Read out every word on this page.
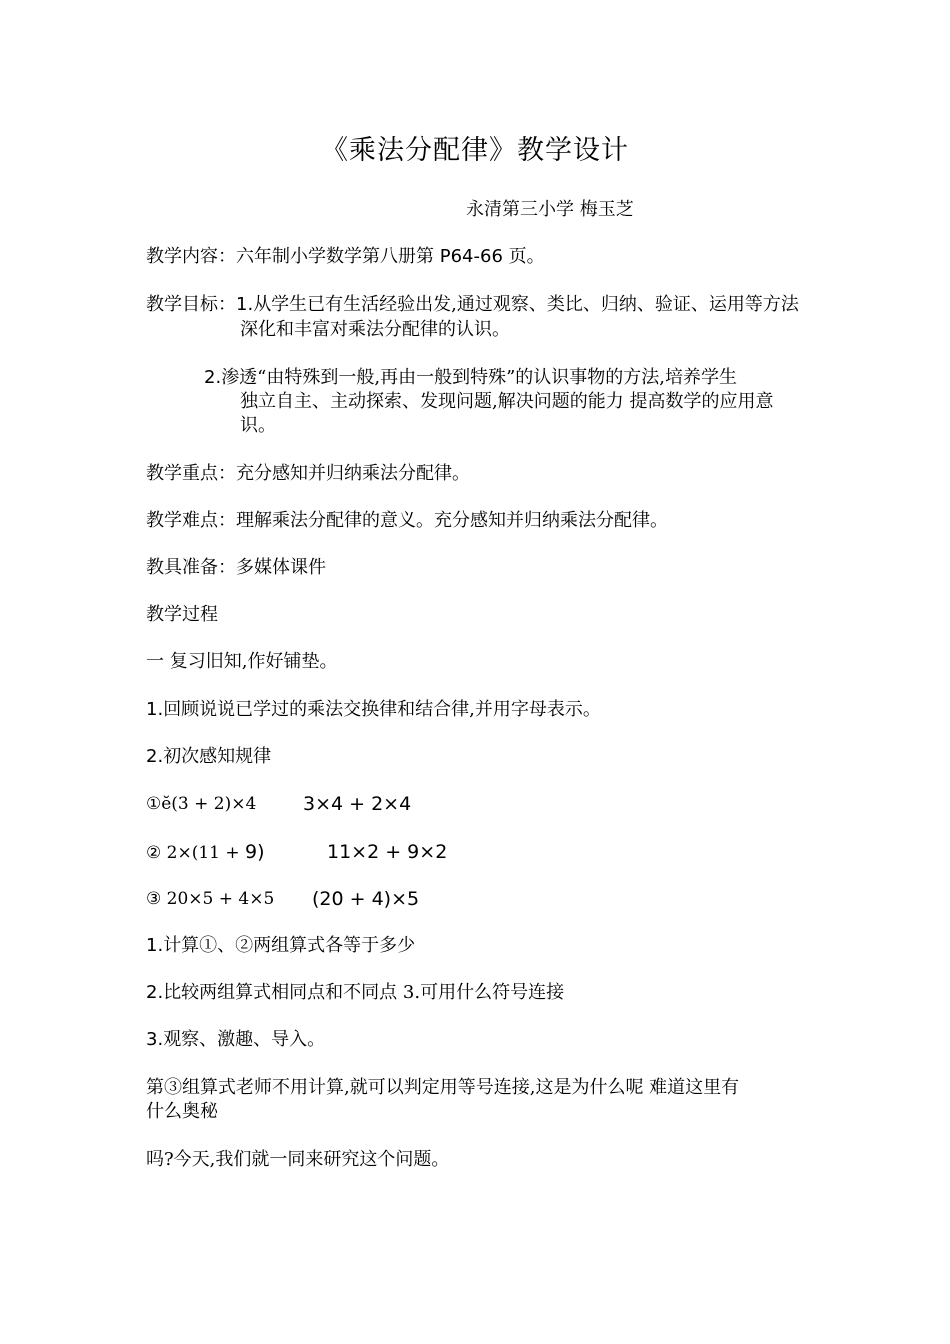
《乘法分配律》教学设计
永清第三小学 梅玉芝
教学内容：六年制小学数学第八册第 P64-66 页。
教学目标：1.从学生已有生活经验出发,通过观察、类比、归纳、验证、运用等方法
深化和丰富对乘法分配律的认识。
2.渗透“由特殊到一般,再由一般到特殊”的认识事物的方法,培养学生
独立自主、主动探索、发现问题,解决问题的能力 提高数学的应用意
识。
教学重点：充分感知并归纳乘法分配律。
教学难点：理解乘法分配律的意义。充分感知并归纳乘法分配律。
教具准备：多媒体课件
教学过程
一 复习旧知,作好铺垫。
1.回顾说说已学过的乘法交换律和结合律,并用字母表示。
2.初次感知规律
①ĕ(3 + 2)×4 3×4 + 2×4
② 2×(11 + 9)	11×2 + 9×2
③ 20×5 + 4×5 (20 + 4)×5
1.计算①、②两组算式各等于多少
2.比较两组算式相同点和不同点 3.可用什么符号连接
3.观察、激趣、导入。
第③组算式老师不用计算,就可以判定用等号连接,这是为什么呢 难道这里有
什么奥秘
吗?今天,我们就一同来研究这个问题。
